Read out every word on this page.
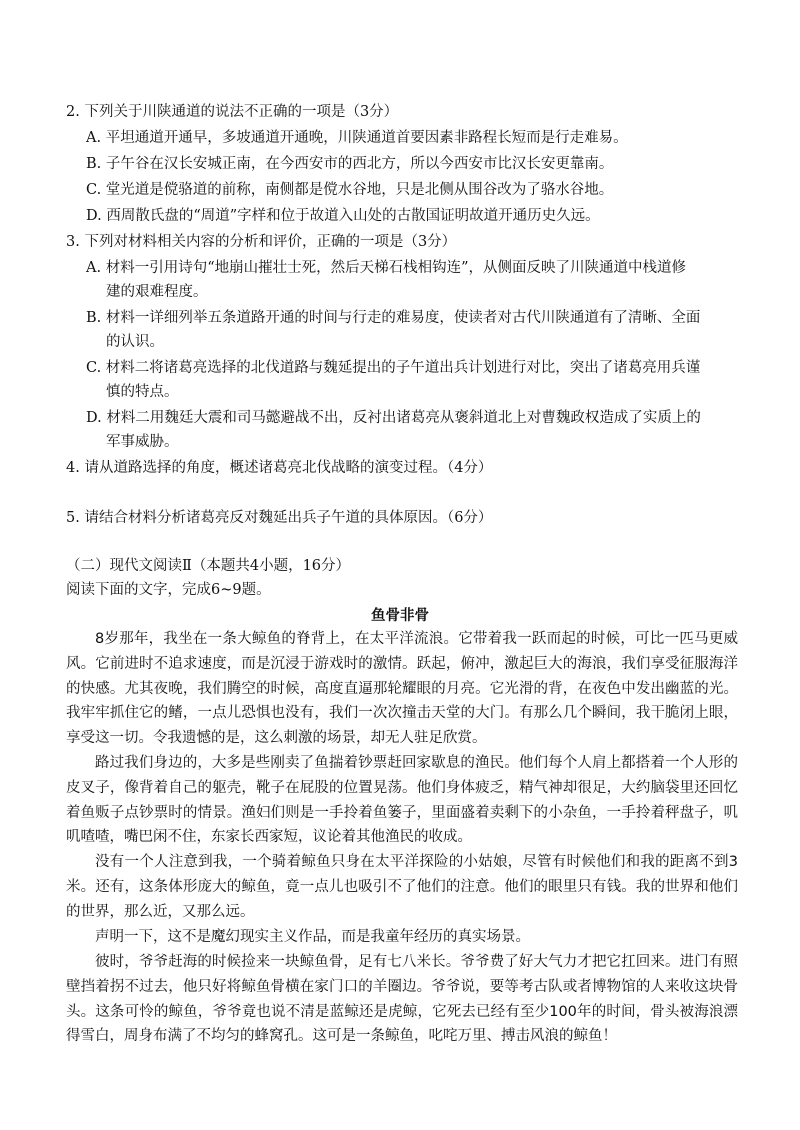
2. 下列关于川陕通道的说法不正确的一项是（3分）
A. 平坦通道开通早，多坡通道开通晚，川陕通道首要因素非路程长短而是行走难易。
B. 子午谷在汉长安城正南，在今西安市的西北方，所以今西安市比汉长安更靠南。
C. 堂光道是傥骆道的前称，南侧都是傥水谷地，只是北侧从围谷改为了骆水谷地。
D. 西周散氏盘的“周道”字样和位于故道入山处的古散国证明故道开通历史久远。
3. 下列对材料相关内容的分析和评价，正确的一项是（3分）
A. 材料一引用诗句“地崩山摧壮士死，然后天梯石栈相钩连”，从侧面反映了川陕通道中栈道修
建的艰难程度。
B. 材料一详细列举五条道路开通的时间与行走的难易度，使读者对古代川陕通道有了清晰、全面
的认识。
C. 材料二将诸葛亮选择的北伐道路与魏延提出的子午道出兵计划进行对比，突出了诸葛亮用兵谨
慎的特点。
D. 材料二用魏廷大震和司马懿避战不出，反衬出诸葛亮从褒斜道北上对曹魏政权造成了实质上的
军事威胁。
4. 请从道路选择的角度，概述诸葛亮北伐战略的演变过程。（4分）
5. 请结合材料分析诸葛亮反对魏延出兵子午道的具体原因。（6分）
（二）现代文阅读Ⅱ（本题共4小题，16分）
阅读下面的文字，完成6~9题。
鱼骨非骨
8岁那年，我坐在一条大鲸鱼的脊背上，在太平洋流浪。它带着我一跃而起的时候，可比一匹马更威风。它前进时不追求速度，而是沉浸于游戏时的激情。跃起，俯冲，激起巨大的海浪，我们享受征服海洋的快感。尤其夜晚，我们腾空的时候，高度直逼那轮耀眼的月亮。它光滑的背，在夜色中发出幽蓝的光。我牢牢抓住它的鳍，一点儿恐惧也没有，我们一次次撞击天堂的大门。有那么几个瞬间，我干脆闭上眼，享受这一切。令我遗憾的是，这么刺激的场景，却无人驻足欣赏。
路过我们身边的，大多是些刚卖了鱼揣着钞票赶回家歇息的渔民。他们每个人肩上都搭着一个人形的皮叉子，像背着自己的躯壳，靴子在屁股的位置晃荡。他们身体疲乏，精气神却很足，大约脑袋里还回忆着鱼贩子点钞票时的情景。渔妇们则是一手拎着鱼篓子，里面盛着卖剩下的小杂鱼，一手拎着秤盘子，叽叽喳喳，嘴巴闲不住，东家长西家短，议论着其他渔民的收成。
没有一个人注意到我，一个骑着鲸鱼只身在太平洋探险的小姑娘，尽管有时候他们和我的距离不到3米。还有，这条体形庞大的鲸鱼，竟一点儿也吸引不了他们的注意。他们的眼里只有钱。我的世界和他们的世界，那么近，又那么远。
声明一下，这不是魔幻现实主义作品，而是我童年经历的真实场景。
彼时，爷爷赶海的时候捡来一块鲸鱼骨，足有七八米长。爷爷费了好大气力才把它扛回来。进门有照壁挡着拐不过去，他只好将鲸鱼骨横在家门口的羊圈边。爷爷说，要等考古队或者博物馆的人来收这块骨头。这条可怜的鲸鱼，爷爷竟也说不清是蓝鲸还是虎鲸，它死去已经有至少100年的时间，骨头被海浪漂得雪白，周身布满了不均匀的蜂窝孔。这可是一条鲸鱼，叱咤万里、搏击风浪的鲸鱼！
